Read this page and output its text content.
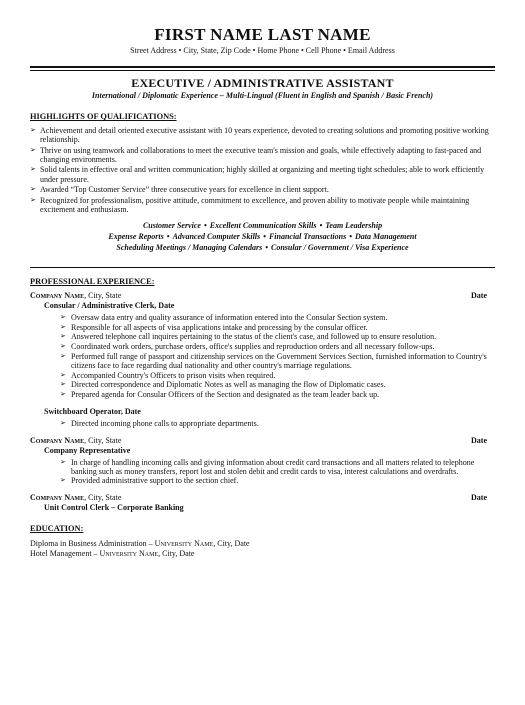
FIRST NAME LAST NAME
Street Address • City, State, Zip Code • Home Phone • Cell Phone • Email Address
EXECUTIVE / ADMINISTRATIVE ASSISTANT
International / Diplomatic Experience – Multi-Lingual (Fluent in English and Spanish / Basic French)
HIGHLIGHTS OF QUALIFICATIONS:
➢ Achievement and detail oriented executive assistant with 10 years experience, devoted to creating solutions and promoting positive working relationship.
➢ Thrive on using teamwork and collaborations to meet the executive team's mission and goals, while effectively adapting to fast-paced and changing environments.
➢ Solid talents in effective oral and written communication; highly skilled at organizing and meeting tight schedules; able to work efficiently under pressure.
➢ Awarded “Top Customer Service” three consecutive years for excellence in client support.
➢ Recognized for professionalism, positive attitude, commitment to excellence, and proven ability to motivate people while maintaining excitement and enthusiasm.
Customer Service • Excellent Communication Skills • Team Leadership
Expense Reports • Advanced Computer Skills • Financial Transactions • Data Management
Scheduling Meetings / Managing Calendars • Consular / Government / Visa Experience
PROFESSIONAL EXPERIENCE:
Company Name, City, State	Date
Consular / Administrative Clerk, Date
➢ Oversaw data entry and quality assurance of information entered into the Consular Section system.
➢ Responsible for all aspects of visa applications intake and processing by the consular officer.
➢ Answered telephone call inquires pertaining to the status of the client's case, and followed up to ensure resolution.
➢ Coordinated work orders, purchase orders, office's supplies and reproduction orders and all necessary follow-ups.
➢ Performed full range of passport and citizenship services on the Government Services Section, furnished information to Country's citizens face to face regarding dual nationality and other country's marriage regulations.
➢ Accompanied Country's Officers to prison visits when required.
➢ Directed correspondence and Diplomatic Notes as well as managing the flow of Diplomatic cases.
➢ Prepared agenda for Consular Officers of the Section and designated as the team leader back up.
Switchboard Operator, Date
➢ Directed incoming phone calls to appropriate departments.
Company Name, City, State	Date
Company Representative
➢ In charge of handling incoming calls and giving information about credit card transactions and all matters related to telephone banking such as money transfers, report lost and stolen debit and credit cards to visa, interest calculations and overdrafts.
➢ Provided administrative support to the section chief.
Company Name, City, State	Date
Unit Control Clerk – Corporate Banking
EDUCATION:
Diploma in Business Administration – University Name, City, Date
Hotel Management – University Name, City, Date
